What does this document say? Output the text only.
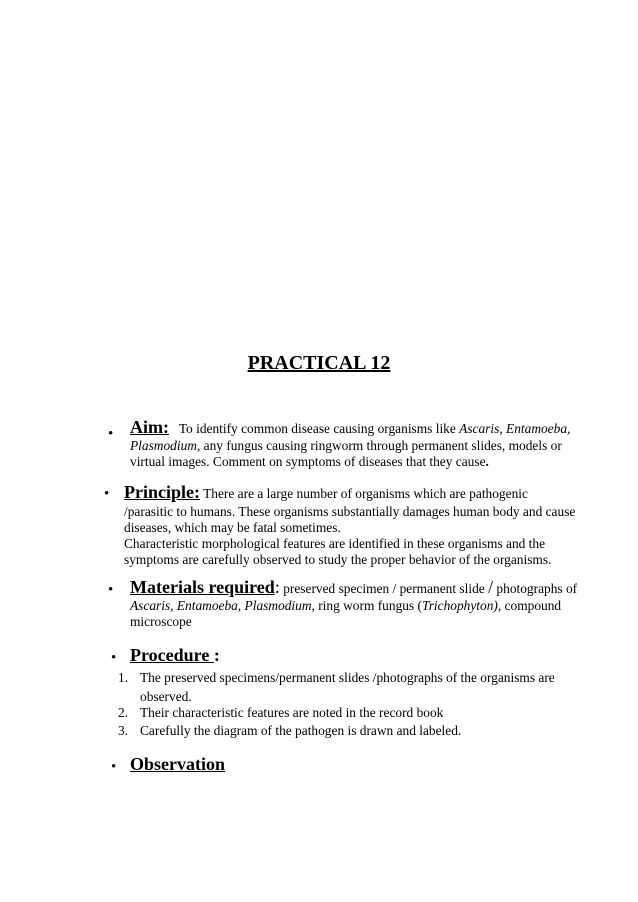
PRACTICAL 12
• Aim: To identify common disease causing organisms like Ascaris, Entamoeba,
Plasmodium, any fungus causing ringworm through permanent slides, models or
virtual images. Comment on symptoms of diseases that they cause.
• Principle: There are a large number of organisms which are pathogenic
/parasitic to humans. These organisms substantially damages human body and cause
diseases, which may be fatal sometimes.
Characteristic morphological features are identified in these organisms and the
symptoms are carefully observed to study the proper behavior of the organisms.
• Materials required: preserved specimen / permanent slide / photographs of
Ascaris, Entamoeba, Plasmodium, ring worm fungus (Trichophyton), compound
microscope
• Procedure :
1. The preserved specimens/permanent slides /photographs of the organisms are
observed.
2. Their characteristic features are noted in the record book
3. Carefully the diagram of the pathogen is drawn and labeled.
• Observation
